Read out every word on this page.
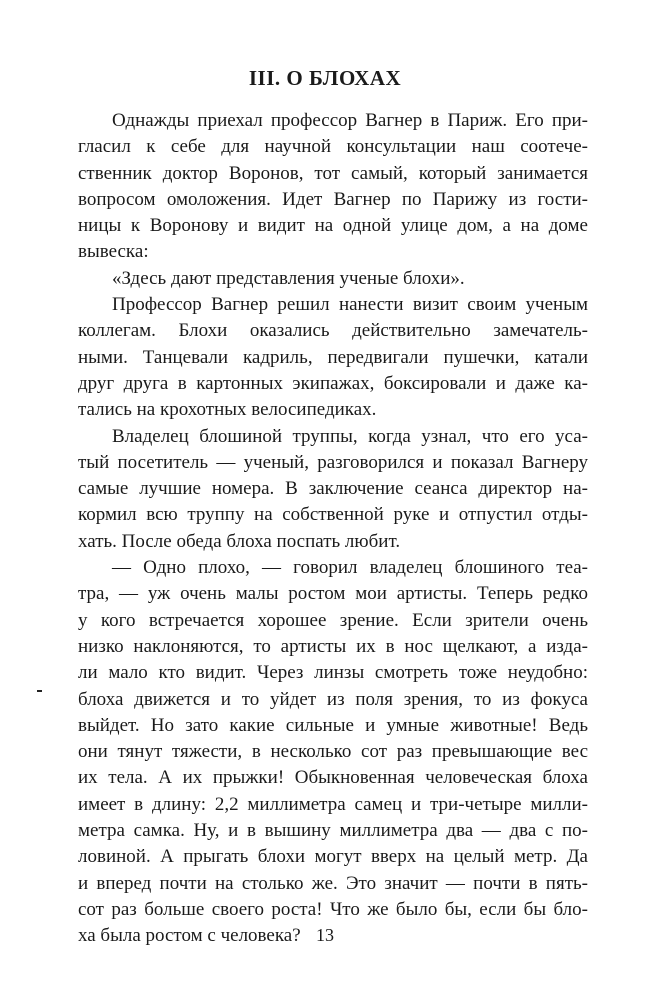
III. О БЛОХАХ
Однажды приехал профессор Вагнер в Париж. Его при-
гласил к себе для научной консультации наш соотече-
ственник доктор Воронов, тот самый, который занимается
вопросом омоложения. Идет Вагнер по Парижу из гости-
ницы к Воронову и видит на одной улице дом, а на доме
вывеска:
«Здесь дают представления ученые блохи».
Профессор Вагнер решил нанести визит своим ученым
коллегам. Блохи оказались действительно замечатель-
ными. Танцевали кадриль, передвигали пушечки, катали
друг друга в картонных экипажах, боксировали и даже ка-
тались на крохотных велосипедиках.
Владелец блошиной труппы, когда узнал, что его уса-
тый посетитель — ученый, разговорился и показал Вагнеру
самые лучшие номера. В заключение сеанса директор на-
кормил всю труппу на собственной руке и отпустил отды-
хать. После обеда блоха поспать любит.
— Одно плохо, — говорил владелец блошиного теа-
тра, — уж очень малы ростом мои артисты. Теперь редко
у кого встречается хорошее зрение. Если зрители очень
низко наклоняются, то артисты их в нос щелкают, а изда-
ли мало кто видит. Через линзы смотреть тоже неудобно:
блоха движется и то уйдет из поля зрения, то из фокуса
выйдет. Но зато какие сильные и умные животные! Ведь
они тянут тяжести, в несколько сот раз превышающие вес
их тела. А их прыжки! Обыкновенная человеческая блоха
имеет в длину: 2,2 миллиметра самец и три-четыре милли-
метра самка. Ну, и в вышину миллиметра два — два с по-
ловиной. А прыгать блохи могут вверх на целый метр. Да
и вперед почти на столько же. Это значит — почти в пять-
сот раз больше своего роста! Что же было бы, если бы бло-
ха была ростом с человека? 13
